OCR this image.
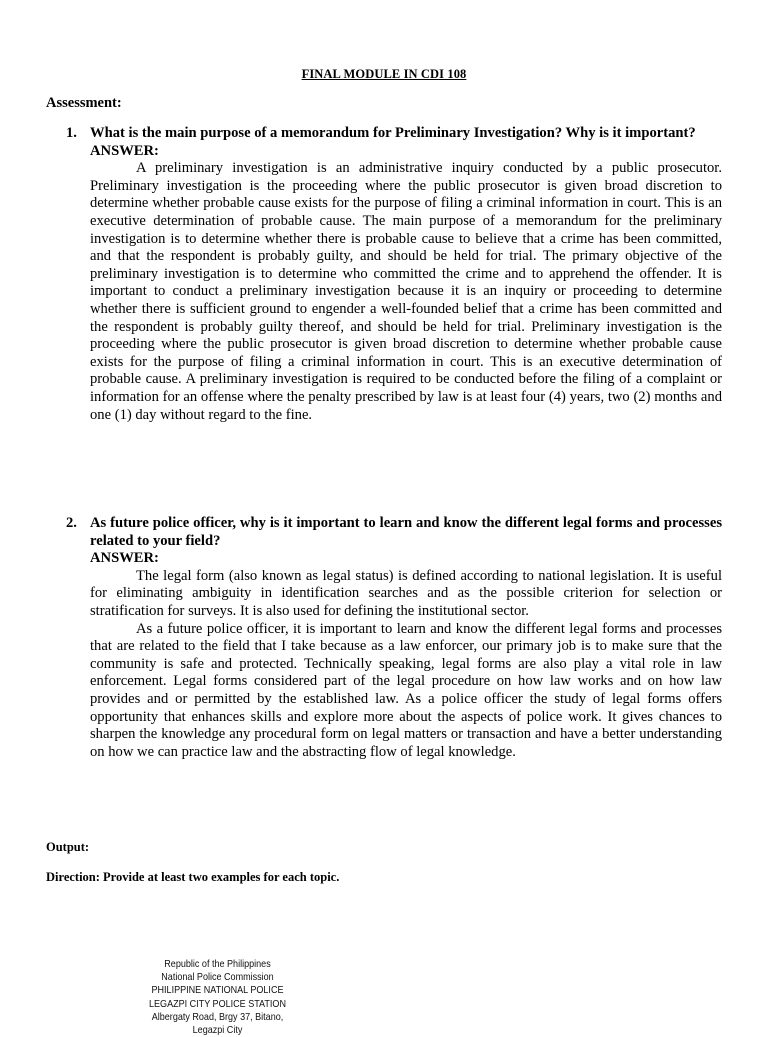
FINAL MODULE IN CDI 108
Assessment:
1. What is the main purpose of a memorandum for Preliminary Investigation? Why is it important?
ANSWER:

A preliminary investigation is an administrative inquiry conducted by a public prosecutor. Preliminary investigation is the proceeding where the public prosecutor is given broad discretion to determine whether probable cause exists for the purpose of filing a criminal information in court. This is an executive determination of probable cause. The main purpose of a memorandum for the preliminary investigation is to determine whether there is probable cause to believe that a crime has been committed, and that the respondent is probably guilty, and should be held for trial. The primary objective of the preliminary investigation is to determine who committed the crime and to apprehend the offender. It is important to conduct a preliminary investigation because it is an inquiry or proceeding to determine whether there is sufficient ground to engender a well-founded belief that a crime has been committed and the respondent is probably guilty thereof, and should be held for trial. Preliminary investigation is the proceeding where the public prosecutor is given broad discretion to determine whether probable cause exists for the purpose of filing a criminal information in court. This is an executive determination of probable cause. A preliminary investigation is required to be conducted before the filing of a complaint or information for an offense where the penalty prescribed by law is at least four (4) years, two (2) months and one (1) day without regard to the fine.

2. As future police officer, why is it important to learn and know the different legal forms and processes related to your field?
ANSWER:

The legal form (also known as legal status) is defined according to national legislation. It is useful for eliminating ambiguity in identification searches and as the possible criterion for selection or stratification for surveys. It is also used for defining the institutional sector.

As a future police officer, it is important to learn and know the different legal forms and processes that are related to the field that I take because as a law enforcer, our primary job is to make sure that the community is safe and protected. Technically speaking, legal forms are also play a vital role in law enforcement. Legal forms considered part of the legal procedure on how law works and on how law provides and or permitted by the established law. As a police officer the study of legal forms offers opportunity that enhances skills and explore more about the aspects of police work. It gives chances to sharpen the knowledge any procedural form on legal matters or transaction and have a better understanding on how we can practice law and the abstracting flow of legal knowledge.

Output:
Direction: Provide at least two examples for each topic.
Republic of the Philippines
National Police Commission
PHILIPPINE NATIONAL POLICE
LEGAZPI CITY POLICE STATION
Albergaty Road, Brgy 37, Bitano, Legazpi City
